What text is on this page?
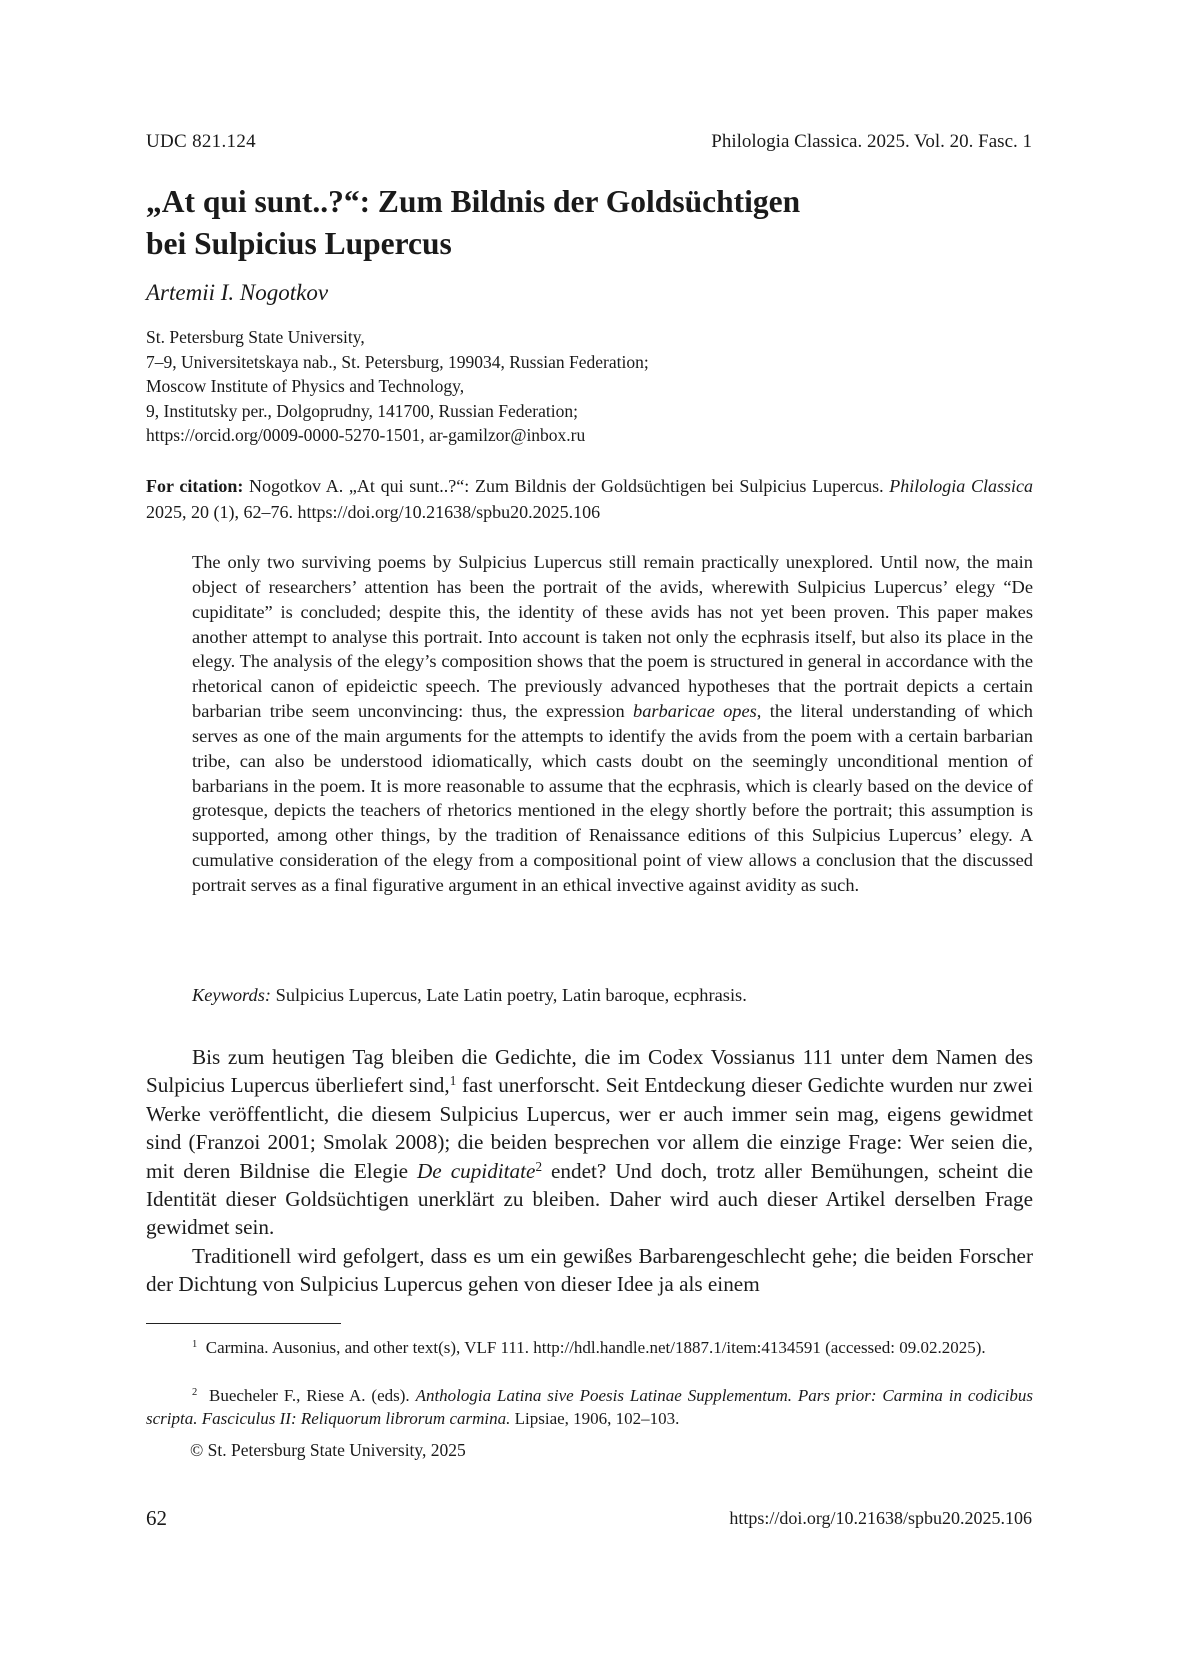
UDC 821.124	Philologia Classica. 2025. Vol. 20. Fasc. 1
„At qui sunt..?“: Zum Bildnis der Goldsüchtigen
bei Sulpicius Lupercus
Artemii I. Nogotkov
St. Petersburg State University,
7–9, Universitetskaya nab., St. Petersburg, 199034, Russian Federation;
Moscow Institute of Physics and Technology,
9, Institutsky per., Dolgoprudny, 141700, Russian Federation;
https://orcid.org/0009-0000-5270-1501, ar-gamilzor@inbox.ru
For citation: Nogotkov A. „At qui sunt..?“: Zum Bildnis der Goldsüchtigen bei Sulpicius Lupercus. Philologia Classica 2025, 20 (1), 62–76. https://doi.org/10.21638/spbu20.2025.106

The only two surviving poems by Sulpicius Lupercus still remain practically unexplored. Until now, the main object of researchers’ attention has been the portrait of the avids, wherewith Sulpicius Lupercus’ elegy “De cupiditate” is concluded; despite this, the identity of these avids has not yet been proven. This paper makes another attempt to analyse this portrait. Into account is taken not only the ecphrasis itself, but also its place in the elegy. The analysis of the elegy’s composition shows that the poem is structured in general in accordance with the rhetorical canon of epideictic speech. The previously advanced hypotheses that the portrait depicts a certain barbarian tribe seem unconvincing: thus, the expression barbaricae opes, the literal understanding of which serves as one of the main arguments for the attempts to identify the avids from the poem with a certain barbarian tribe, can also be understood idiomatically, which casts doubt on the seemingly unconditional mention of barbarians in the poem. It is more reasonable to assume that the ecphrasis, which is clearly based on the device of grotesque, depicts the teachers of rhetorics mentioned in the elegy shortly before the portrait; this assumption is supported, among other things, by the tradition of Renaissance editions of this Sulpicius Lupercus’ elegy. A cumulative consideration of the elegy from a compositional point of view allows a conclusion that the discussed portrait serves as a final figurative argument in an ethical invective against avidity as such.

Keywords: Sulpicius Lupercus, Late Latin poetry, Latin baroque, ecphrasis.

Bis zum heutigen Tag bleiben die Gedichte, die im Codex Vossianus 111 unter dem Namen des Sulpicius Lupercus überliefert sind,$^1$ fast unerforscht. Seit Entdeckung dieser Gedichte wurden nur zwei Werke veröffentlicht, die diesem Sulpicius Lupercus, wer er auch immer sein mag, eigens gewidmet sind (Franzoi 2001; Smolak 2008); die beiden besprechen vor allem die einzige Frage: Wer seien die, mit deren Bildnise die Elegie De cupiditate$^2$ endet? Und doch, trotz aller Bemühungen, scheint die Identität dieser Goldsüchtigen unerklärt zu bleiben. Daher wird auch dieser Artikel derselben Frage gewidmet sein.

Traditionell wird gefolgert, dass es um ein gewißes Barbarengeschlecht gehe; die beiden Forscher der Dichtung von Sulpicius Lupercus gehen von dieser Idee ja als einem

$^1$ Carmina. Ausonius, and other text(s), VLF 111. http://hdl.handle.net/1887.1/item:4134591 (accessed: 09.02.2025).

$^2$ Buecheler F., Riese A. (eds). Anthologia Latina sive Poesis Latinae Supplementum. Pars prior: Carmina in codicibus scripta. Fasciculus II: Reliquorum librorum carmina. Lipsiae, 1906, 102–103.

© St. Petersburg State University, 2025
62	https://doi.org/10.21638/spbu20.2025.106
